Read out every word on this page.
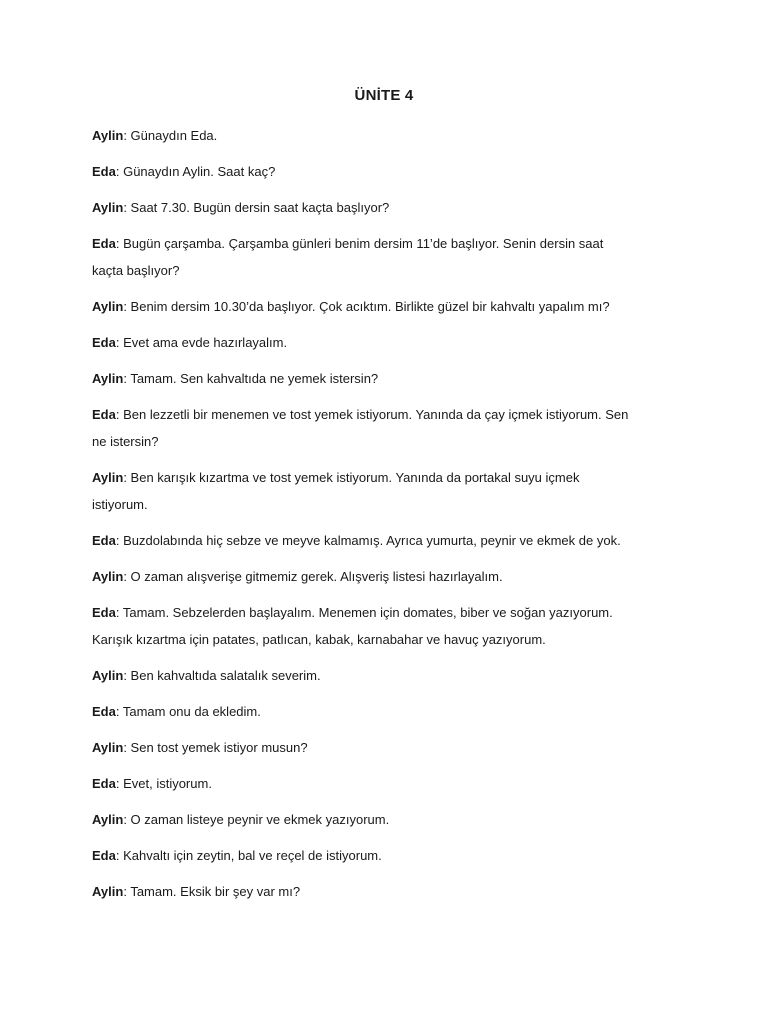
ÜNİTE 4
Aylin: Günaydın Eda.
Eda: Günaydın Aylin. Saat kaç?
Aylin: Saat 7.30. Bugün dersin saat kaçta başlıyor?
Eda: Bugün çarşamba. Çarşamba günleri benim dersim 11’de başlıyor. Senin dersin saat
kaçta başlıyor?
Aylin: Benim dersim 10.30’da başlıyor. Çok acıktım. Birlikte güzel bir kahvaltı yapalım mı?
Eda: Evet ama evde hazırlayalım.
Aylin: Tamam. Sen kahvaltıda ne yemek istersin?
Eda: Ben lezzetli bir menemen ve tost yemek istiyorum. Yanında da çay içmek istiyorum. Sen
ne istersin?
Aylin: Ben karışık kızartma ve tost yemek istiyorum. Yanında da portakal suyu içmek
istiyorum.
Eda: Buzdolabında hiç sebze ve meyve kalmamış. Ayrıca yumurta, peynir ve ekmek de yok.
Aylin: O zaman alışverişe gitmemiz gerek. Alışveriş listesi hazırlayalım.
Eda: Tamam. Sebzelerden başlayalım. Menemen için domates, biber ve soğan yazıyorum.
Karışık kızartma için patates, patlıcan, kabak, karnabahar ve havuç yazıyorum.
Aylin: Ben kahvaltıda salatalık severim.
Eda: Tamam onu da ekledim.
Aylin: Sen tost yemek istiyor musun?
Eda: Evet, istiyorum.
Aylin: O zaman listeye peynir ve ekmek yazıyorum.
Eda: Kahvaltı için zeytin, bal ve reçel de istiyorum.
Aylin: Tamam. Eksik bir şey var mı?
